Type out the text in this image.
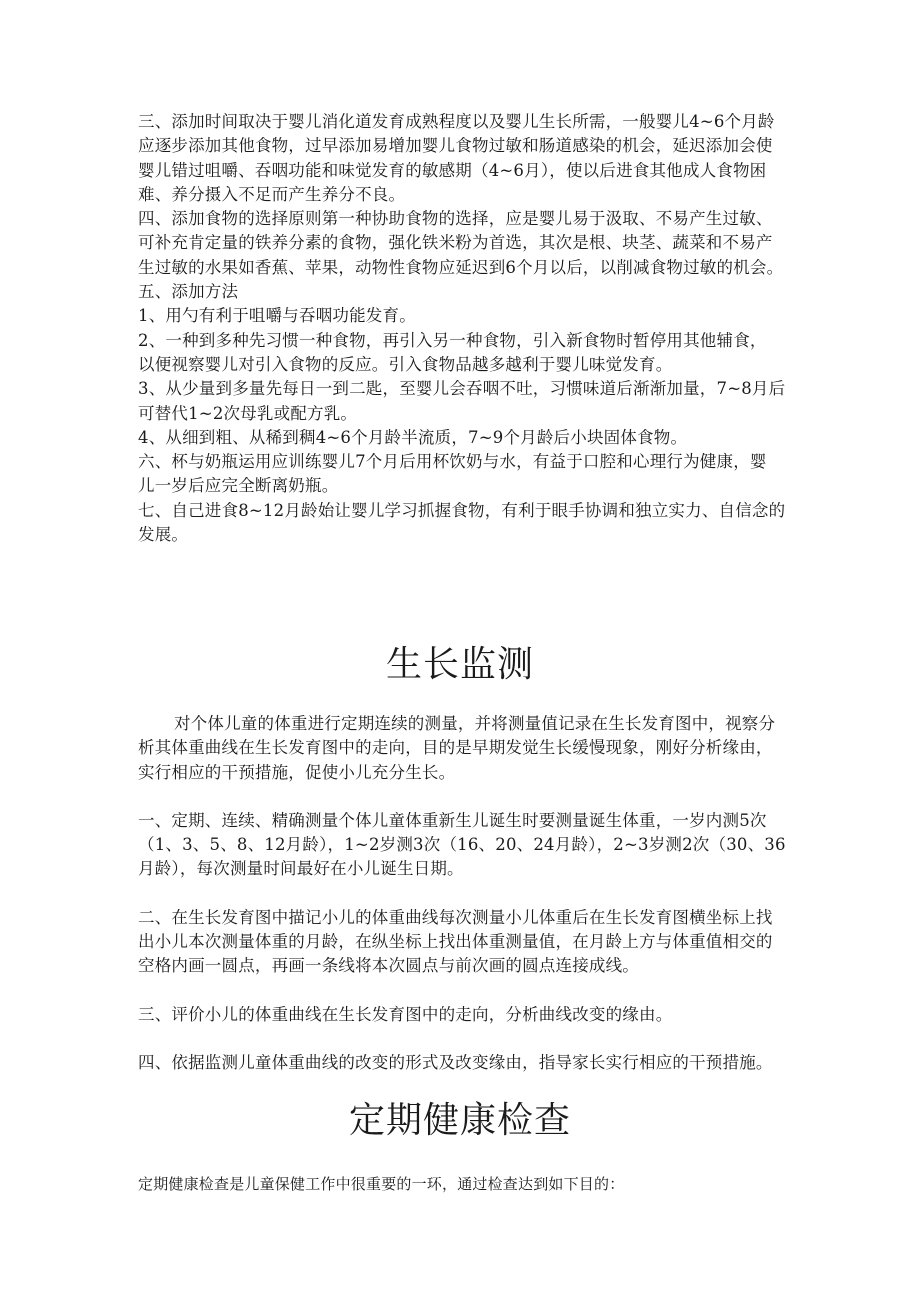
三、添加时间取决于婴儿消化道发育成熟程度以及婴儿生长所需，一般婴儿4~6个月龄

应逐步添加其他食物，过早添加易增加婴儿食物过敏和肠道感染的机会，延迟添加会使

婴儿错过咀嚼、吞咽功能和味觉发育的敏感期（4~6月），使以后进食其他成人食物困

难、养分摄入不足而产生养分不良。

四、添加食物的选择原则第一种协助食物的选择，应是婴儿易于汲取、不易产生过敏、

可补充肯定量的铁养分素的食物，强化铁米粉为首选，其次是根、块茎、蔬菜和不易产

生过敏的水果如香蕉、苹果，动物性食物应延迟到6个月以后，以削减食物过敏的机会。

五、添加方法

1、用勺有利于咀嚼与吞咽功能发育。

2、一种到多种先习惯一种食物，再引入另一种食物，引入新食物时暂停用其他辅食，

以便视察婴儿对引入食物的反应。引入食物品越多越利于婴儿味觉发育。

3、从少量到多量先每日一到二匙，至婴儿会吞咽不吐，习惯味道后渐渐加量，7~8月后

可替代1~2次母乳或配方乳。

4、从细到粗、从稀到稠4~6个月龄半流质，7~9个月龄后小块固体食物。

六、杯与奶瓶运用应训练婴儿7个月后用杯饮奶与水，有益于口腔和心理行为健康，婴

儿一岁后应完全断离奶瓶。

七、自己进食8~12月龄始让婴儿学习抓握食物，有利于眼手协调和独立实力、自信念的

发展。

生长监测

对个体儿童的体重进行定期连续的测量，并将测量值记录在生长发育图中，视察分

析其体重曲线在生长发育图中的走向，目的是早期发觉生长缓慢现象，刚好分析缘由，

实行相应的干预措施，促使小儿充分生长。

一、定期、连续、精确测量个体儿童体重新生儿诞生时要测量诞生体重，一岁内测5次

（1、3、5、8、12月龄），1~2岁测3次（16、20、24月龄），2~3岁测2次（30、36

月龄），每次测量时间最好在小儿诞生日期。

二、在生长发育图中描记小儿的体重曲线每次测量小儿体重后在生长发育图横坐标上找

出小儿本次测量体重的月龄，在纵坐标上找出体重测量值，在月龄上方与体重值相交的

空格内画一圆点，再画一条线将本次圆点与前次画的圆点连接成线。

三、评价小儿的体重曲线在生长发育图中的走向，分析曲线改变的缘由。

四、依据监测儿童体重曲线的改变的形式及改变缘由，指导家长实行相应的干预措施。

定期健康检查

定期健康检查是儿童保健工作中很重要的一环，通过检查达到如下目的：
